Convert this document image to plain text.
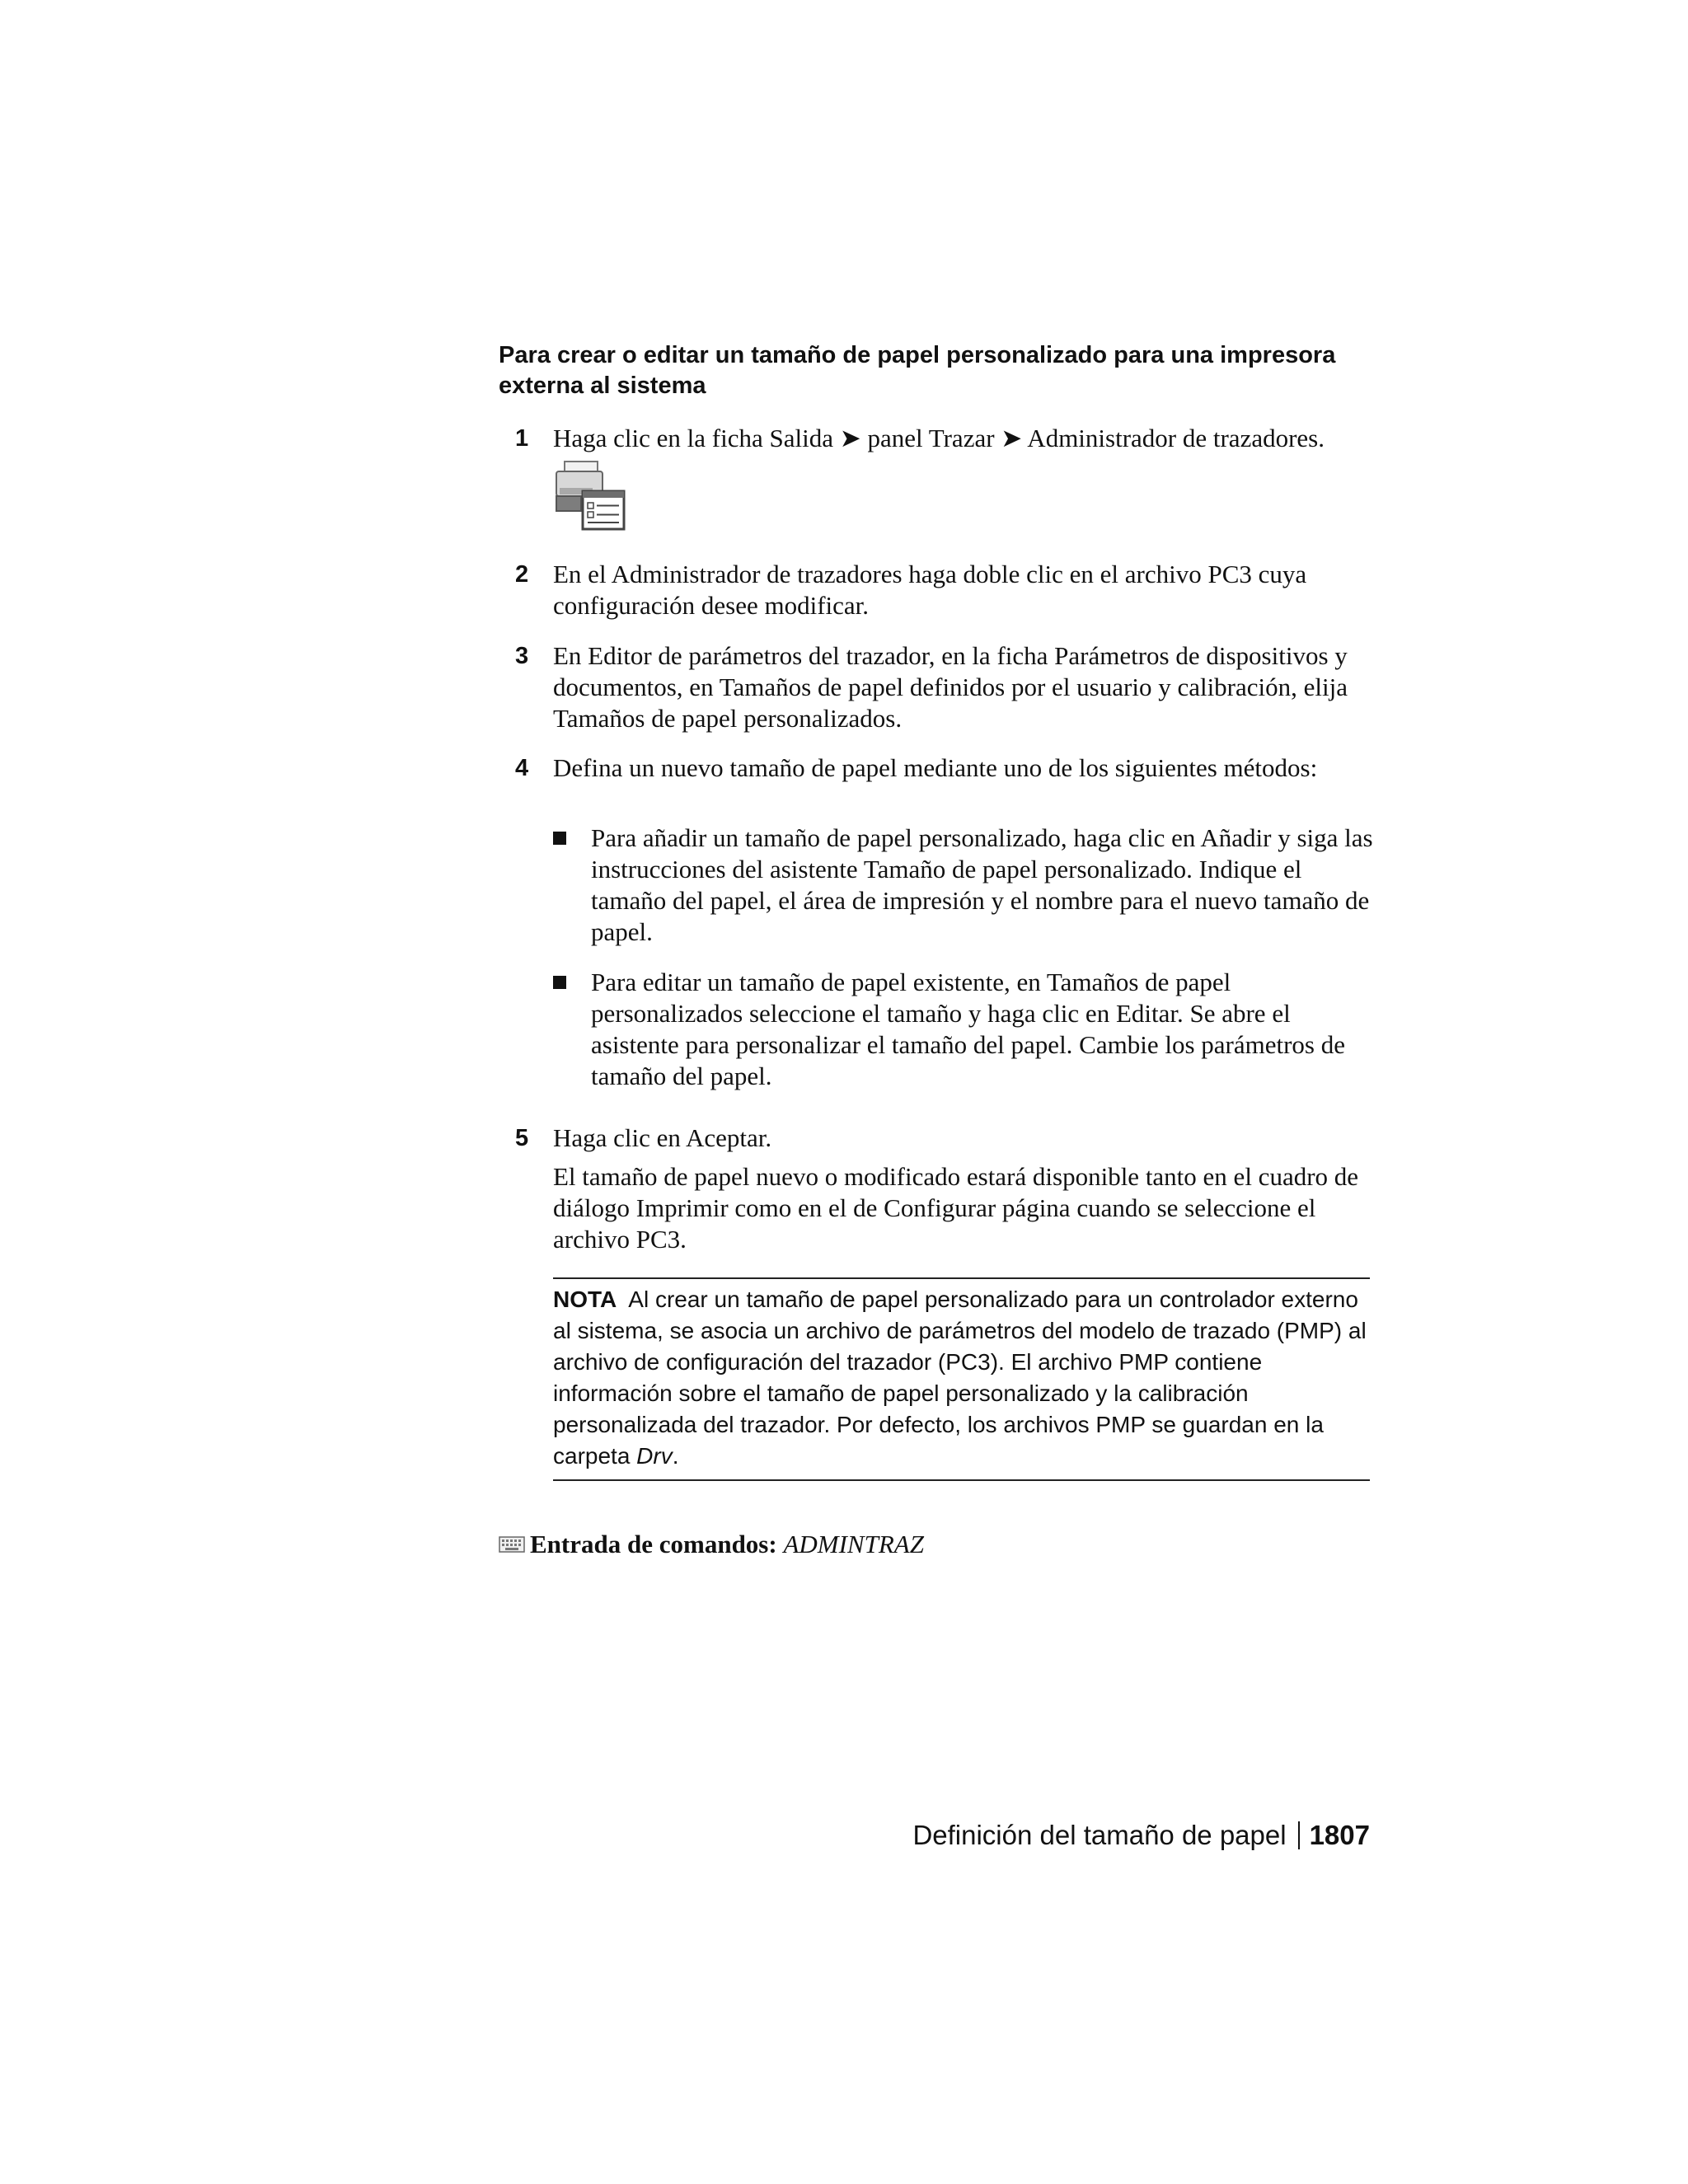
Para crear o editar un tamaño de papel personalizado para una impresora externa al sistema
1 Haga clic en la ficha Salida ➤ panel Trazar ➤ Administrador de trazadores.
2 En el Administrador de trazadores haga doble clic en el archivo PC3 cuya configuración desee modificar.
3 En Editor de parámetros del trazador, en la ficha Parámetros de dispositivos y documentos, en Tamaños de papel definidos por el usuario y calibración, elija Tamaños de papel personalizados.
4 Defina un nuevo tamaño de papel mediante uno de los siguientes métodos:
Para añadir un tamaño de papel personalizado, haga clic en Añadir y siga las instrucciones del asistente Tamaño de papel personalizado. Indique el tamaño del papel, el área de impresión y el nombre para el nuevo tamaño de papel.
Para editar un tamaño de papel existente, en Tamaños de papel personalizados seleccione el tamaño y haga clic en Editar. Se abre el asistente para personalizar el tamaño del papel. Cambie los parámetros de tamaño del papel.
5 Haga clic en Aceptar.
El tamaño de papel nuevo o modificado estará disponible tanto en el cuadro de diálogo Imprimir como en el de Configurar página cuando se seleccione el archivo PC3.
NOTA Al crear un tamaño de papel personalizado para un controlador externo al sistema, se asocia un archivo de parámetros del modelo de trazado (PMP) al archivo de configuración del trazador (PC3). El archivo PMP contiene información sobre el tamaño de papel personalizado y la calibración personalizada del trazador. Por defecto, los archivos PMP se guardan en la carpeta Drv.
Entrada de comandos: ADMINTRAZ
Definición del tamaño de papel 1807
